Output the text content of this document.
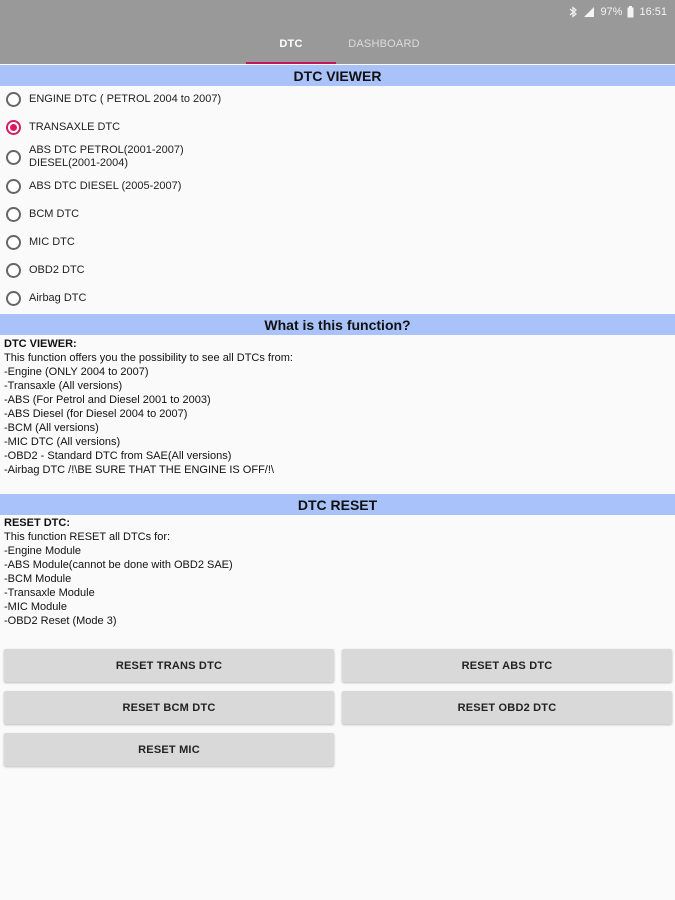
97% 16:51
DTC	DASHBOARD
DTC VIEWER
ENGINE DTC ( PETROL 2004 to 2007)
TRANSAXLE DTC
ABS DTC PETROL(2001-2007)
DIESEL(2001-2004)
ABS DTC DIESEL (2005-2007)
BCM DTC
MIC DTC
OBD2 DTC
Airbag DTC
What is this function?
DTC VIEWER:
This function offers you the possibility to see all DTCs from:
-Engine (ONLY 2004 to 2007)
-Transaxle (All versions)
-ABS (For Petrol and Diesel 2001 to 2003)
-ABS Diesel (for Diesel 2004 to 2007)
-BCM (All versions)
-MIC DTC (All versions)
-OBD2 - Standard DTC from SAE(All versions)
-Airbag DTC /!\BE SURE THAT THE ENGINE IS OFF/!\
DTC RESET
RESET DTC:
This function RESET all DTCs for:
-Engine Module
-ABS Module(cannot be done with OBD2 SAE)
-BCM Module
-Transaxle Module
-MIC Module
-OBD2 Reset (Mode 3)
RESET TRANS DTC	RESET ABS DTC
RESET BCM DTC	RESET OBD2 DTC
RESET MIC
